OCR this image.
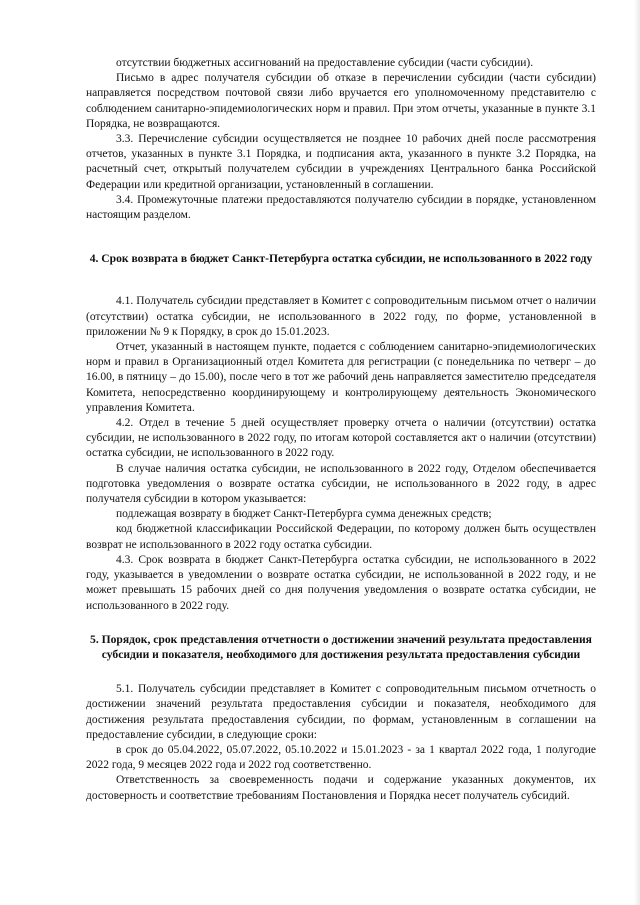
отсутствии бюджетных ассигнований на предоставление субсидии (части субсидии).

Письмо в адрес получателя субсидии об отказе в перечислении субсидии (части субсидии) направляется посредством почтовой связи либо вручается его уполномоченному представителю с соблюдением санитарно-эпидемиологических норм и правил. При этом отчеты, указанные в пункте 3.1 Порядка, не возвращаются.

3.3. Перечисление субсидии осуществляется не позднее 10 рабочих дней после рассмотрения отчетов, указанных в пункте 3.1 Порядка, и подписания акта, указанного в пункте 3.2 Порядка, на расчетный счет, открытый получателем субсидии в учреждениях Центрального банка Российской Федерации или кредитной организации, установленный в соглашении.

3.4. Промежуточные платежи предоставляются получателю субсидии в порядке, установленном настоящим разделом.

4. Срок возврата в бюджет Санкт-Петербурга остатка субсидии, не использованного в 2022 году

4.1. Получатель субсидии представляет в Комитет с сопроводительным письмом отчет о наличии (отсутствии) остатка субсидии, не использованного в 2022 году, по форме, установленной в приложении № 9 к Порядку, в срок до 15.01.2023.

Отчет, указанный в настоящем пункте, подается с соблюдением санитарно-эпидемиологических норм и правил в Организационный отдел Комитета для регистрации (с понедельника по четверг – до 16.00, в пятницу – до 15.00), после чего в тот же рабочий день направляется заместителю председателя Комитета, непосредственно координирующему и контролирующему деятельность Экономического управления Комитета.

4.2. Отдел в течение 5 дней осуществляет проверку отчета о наличии (отсутствии) остатка субсидии, не использованного в 2022 году, по итогам которой составляется акт о наличии (отсутствии) остатка субсидии, не использованного в 2022 году.

В случае наличия остатка субсидии, не использованного в 2022 году, Отделом обеспечивается подготовка уведомления о возврате остатка субсидии, не использованного в 2022 году, в адрес получателя субсидии в котором указывается:

подлежащая возврату в бюджет Санкт-Петербурга сумма денежных средств;

код бюджетной классификации Российской Федерации, по которому должен быть осуществлен возврат не использованного в 2022 году остатка субсидии.

4.3. Срок возврата в бюджет Санкт-Петербурга остатка субсидии, не использованного в 2022 году, указывается в уведомлении о возврате остатка субсидии, не использованной в 2022 году, и не может превышать 15 рабочих дней со дня получения уведомления о возврате остатка субсидии, не использованного в 2022 году.

5. Порядок, срок представления отчетности о достижении значений результата предоставления субсидии и показателя, необходимого для достижения результата предоставления субсидии

5.1. Получатель субсидии представляет в Комитет с сопроводительным письмом отчетность о достижении значений результата предоставления субсидии и показателя, необходимого для достижения результата предоставления субсидии, по формам, установленным в соглашении на предоставление субсидии, в следующие сроки:

в срок до 05.04.2022, 05.07.2022, 05.10.2022 и 15.01.2023 - за 1 квартал 2022 года, 1 полугодие 2022 года, 9 месяцев 2022 года и 2022 год соответственно.

Ответственность за своевременность подачи и содержание указанных документов, их достоверность и соответствие требованиям Постановления и Порядка несет получатель субсидий.
